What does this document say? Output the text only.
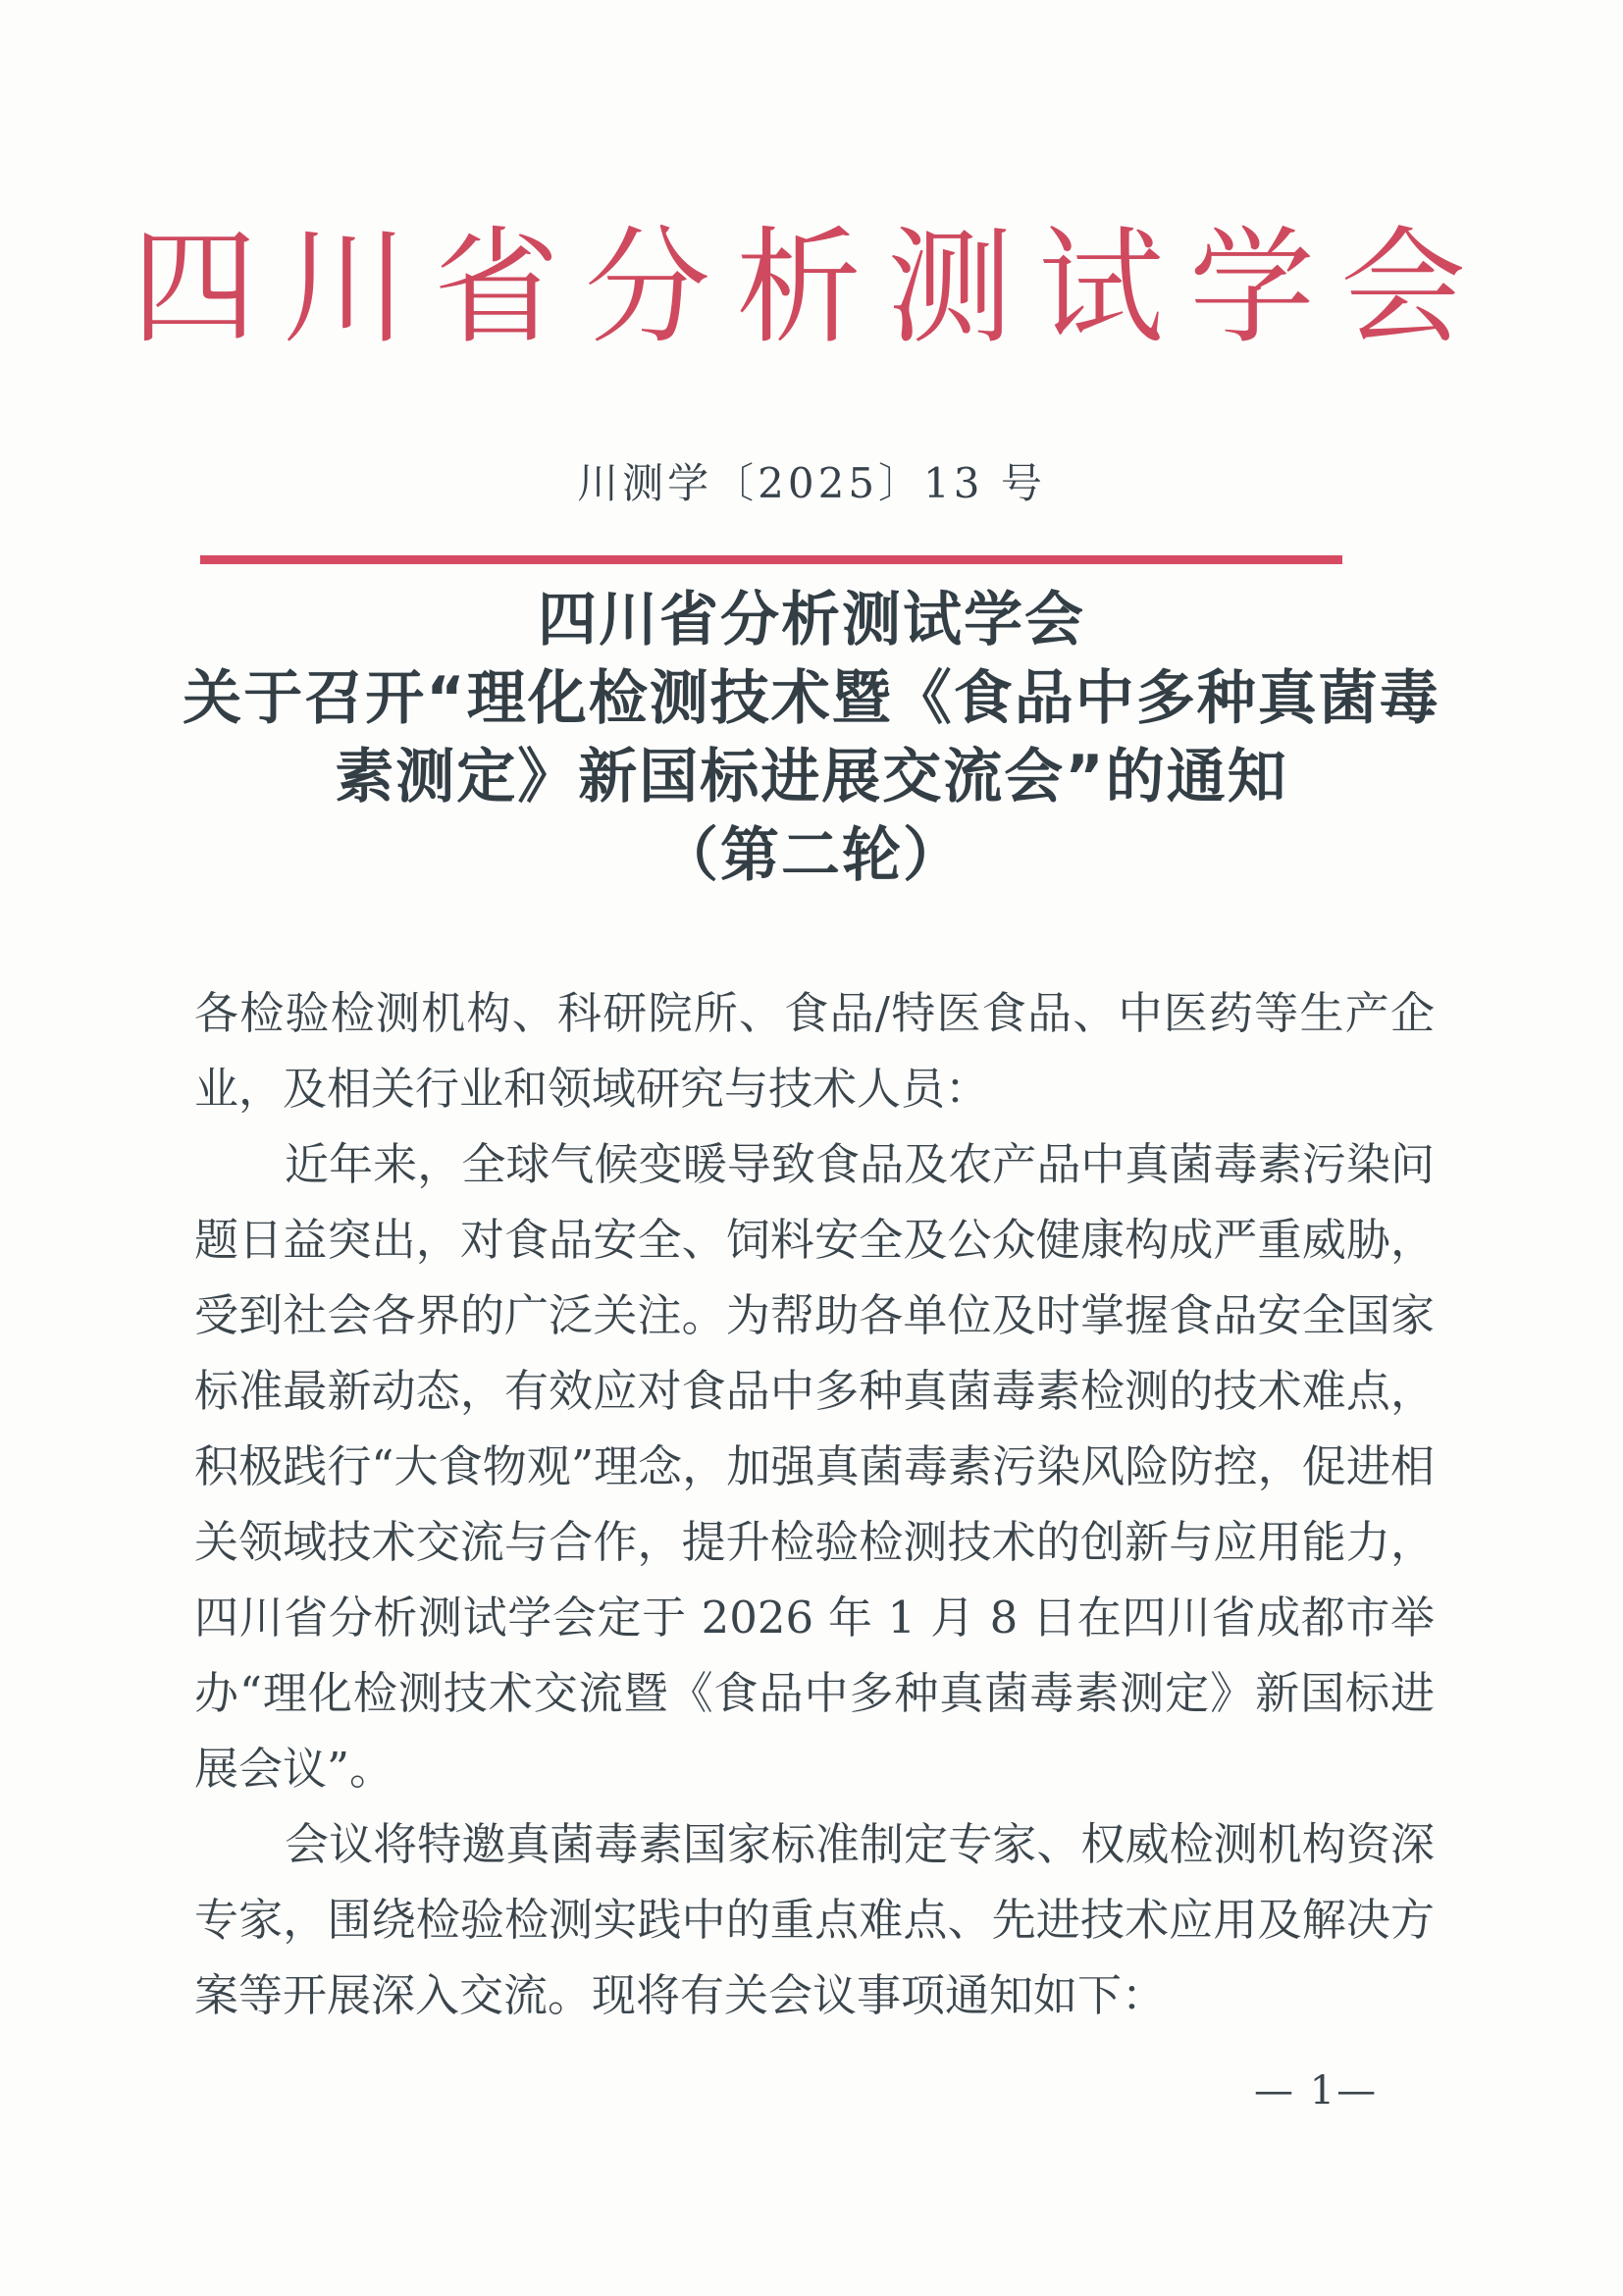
四川省分析测试学会
川测学〔2025〕13 号
四川省分析测试学会
关于召开“理化检测技术暨《食品中多种真菌毒
素测定》新国标进展交流会”的通知
（第二轮）

各检验检测机构、科研院所、食品/特医食品、中医药等生产企业，及相关行业和领域研究与技术人员：

近年来，全球气候变暖导致食品及农产品中真菌毒素污染问题日益突出，对食品安全、饲料安全及公众健康构成严重威胁，受到社会各界的广泛关注。为帮助各单位及时掌握食品安全国家标准最新动态，有效应对食品中多种真菌毒素检测的技术难点，积极践行“大食物观”理念，加强真菌毒素污染风险防控，促进相关领域技术交流与合作，提升检验检测技术的创新与应用能力，四川省分析测试学会定于 2026 年 1 月 8 日在四川省成都市举办“理化检测技术交流暨《食品中多种真菌毒素测定》新国标进展会议”。

会议将特邀真菌毒素国家标准制定专家、权威检测机构资深专家，围绕检验检测实践中的重点难点、先进技术应用及解决方案等开展深入交流。现将有关会议事项通知如下：

— 1—
